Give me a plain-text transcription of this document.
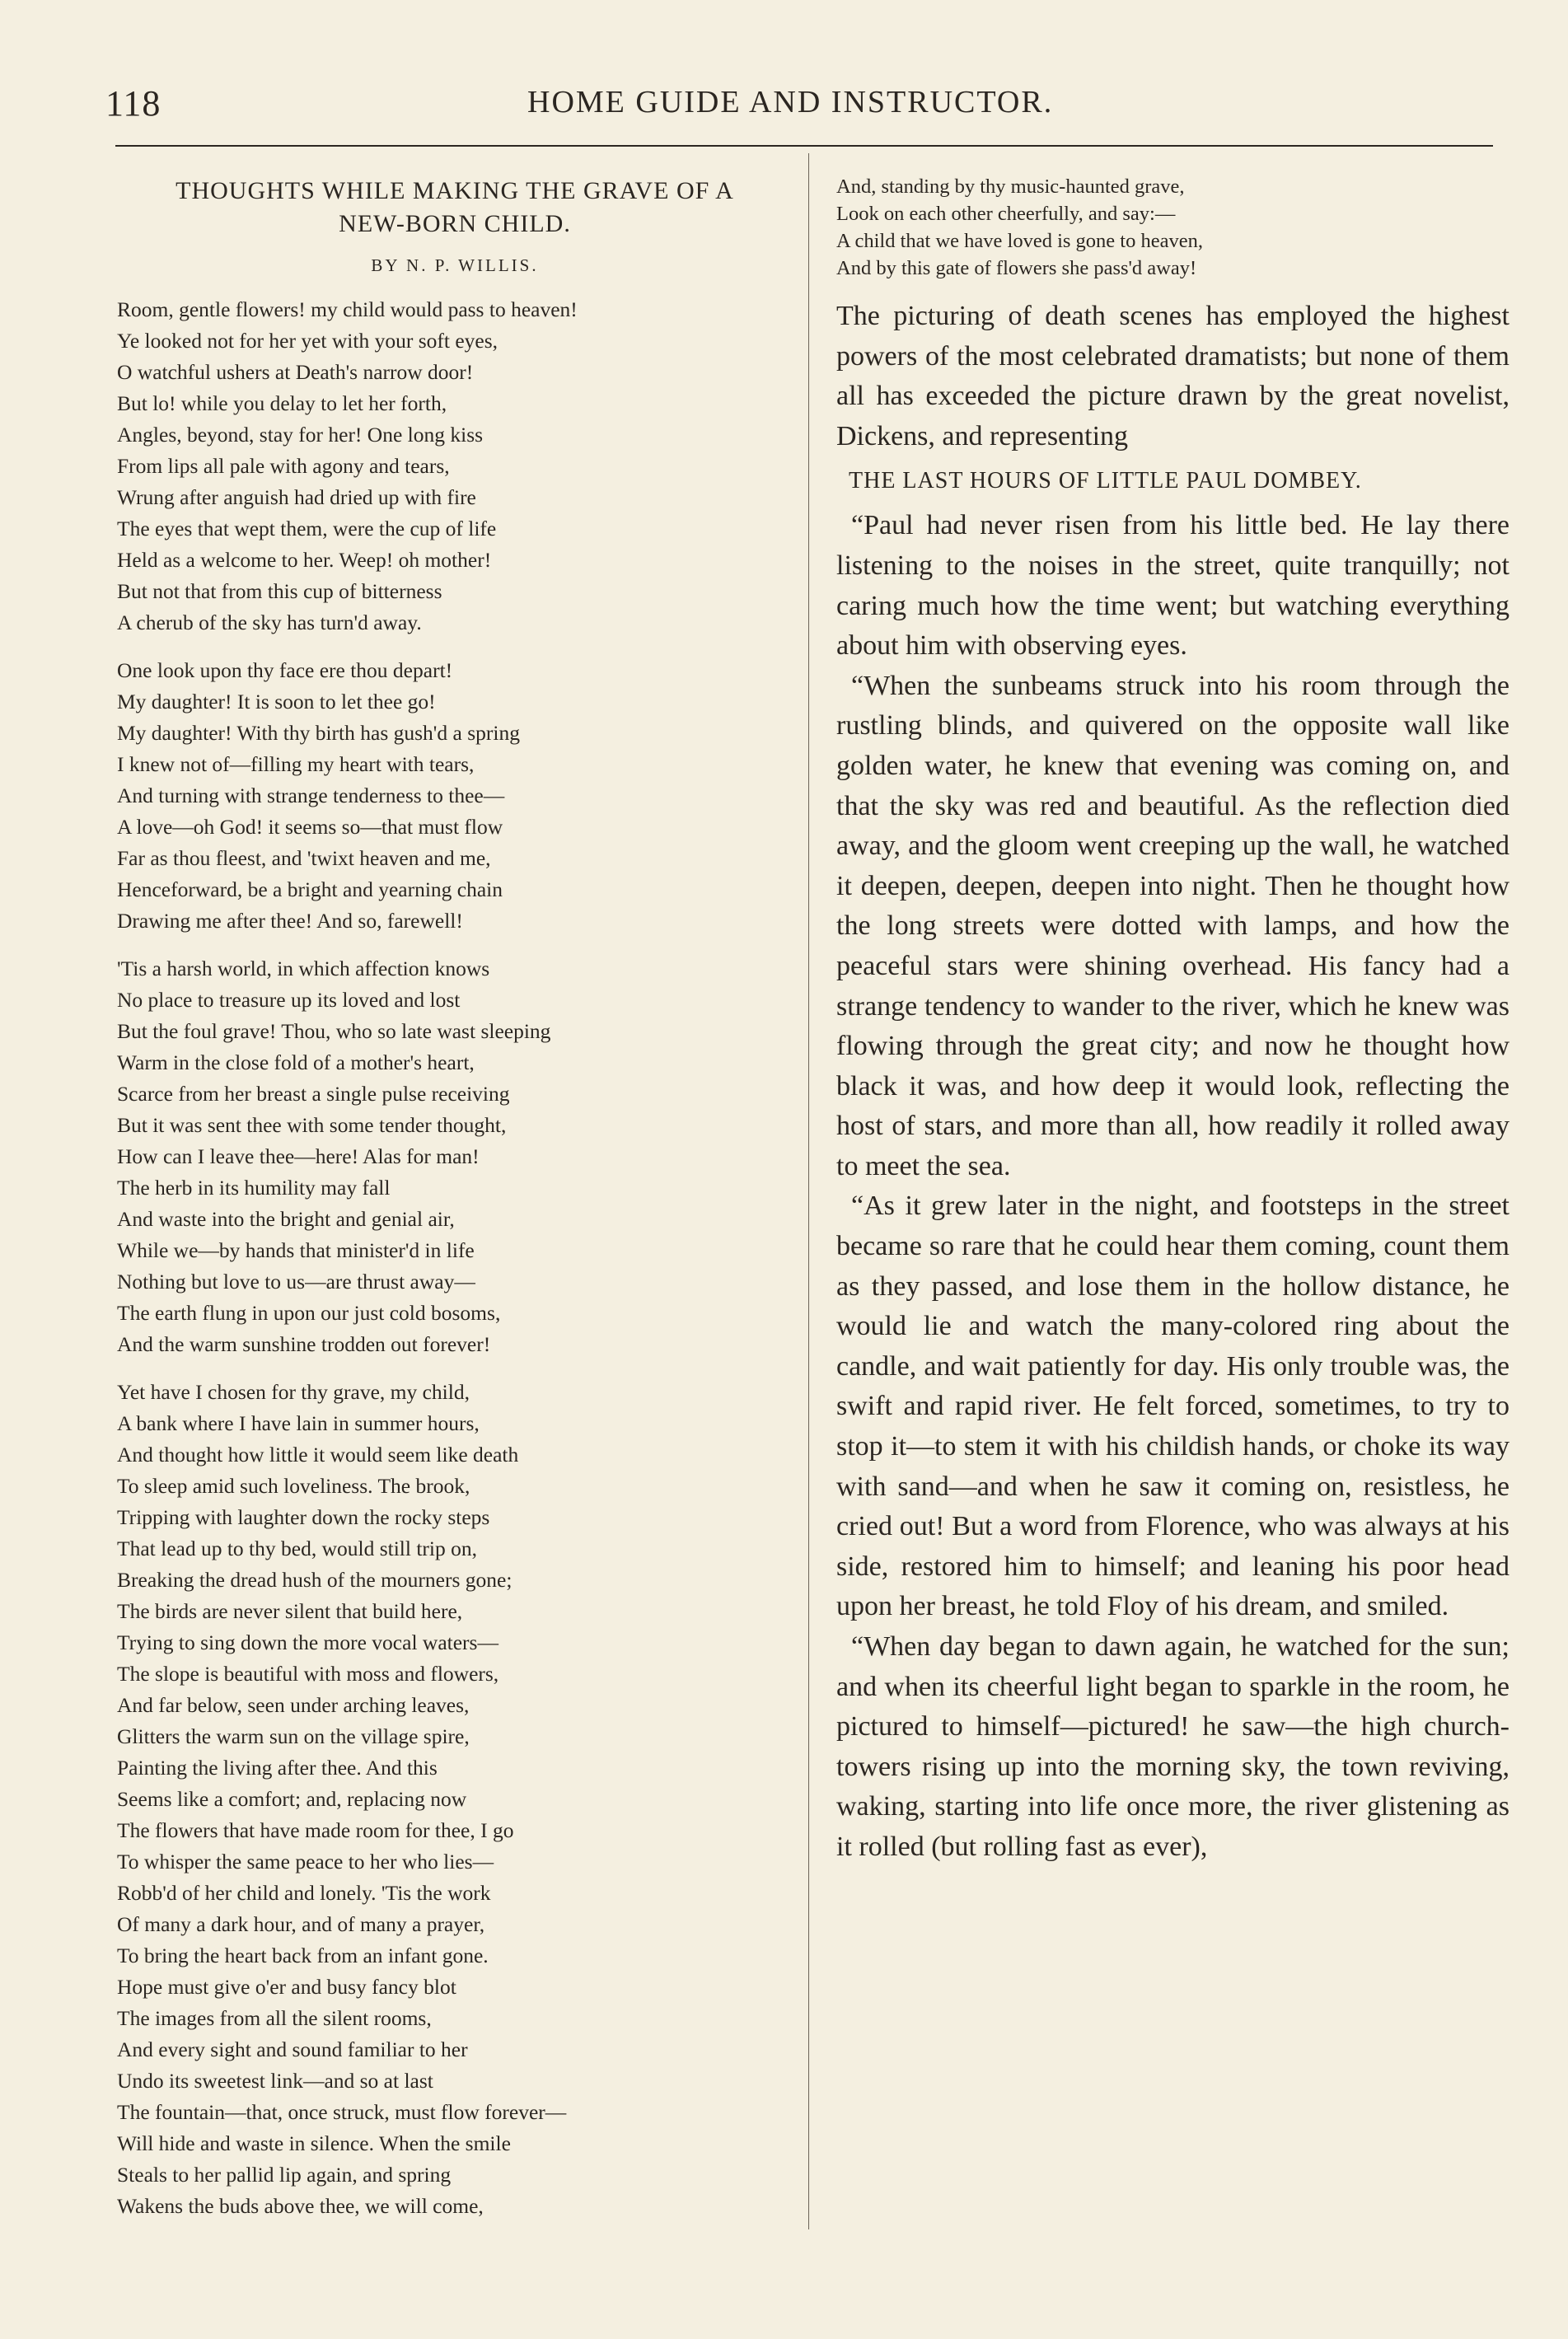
118	HOME GUIDE AND INSTRUCTOR.
THOUGHTS WHILE MAKING THE GRAVE OF A
NEW-BORN CHILD.
BY N. P. WILLIS.
Room, gentle flowers! my child would pass to heaven!
Ye looked not for her yet with your soft eyes,
O watchful ushers at Death's narrow door!
But lo! while you delay to let her forth,
Angles, beyond, stay for her! One long kiss
From lips all pale with agony and tears,
Wrung after anguish had dried up with fire
The eyes that wept them, were the cup of life
Held as a welcome to her. Weep! oh mother!
But not that from this cup of bitterness
A cherub of the sky has turn'd away.
One look upon thy face ere thou depart!
My daughter! It is soon to let thee go!
My daughter! With thy birth has gush'd a spring
I knew not of—filling my heart with tears,
And turning with strange tenderness to thee—
A love—oh God! it seems so—that must flow
Far as thou fleest, and 'twixt heaven and me,
Henceforward, be a bright and yearning chain
Drawing me after thee! And so, farewell!
'Tis a harsh world, in which affection knows
No place to treasure up its loved and lost
But the foul grave! Thou, who so late wast sleeping
Warm in the close fold of a mother's heart,
Scarce from her breast a single pulse receiving
But it was sent thee with some tender thought,
How can I leave thee—here! Alas for man!
The herb in its humility may fall
And waste into the bright and genial air,
While we—by hands that minister'd in life
Nothing but love to us—are thrust away—
The earth flung in upon our just cold bosoms,
And the warm sunshine trodden out forever!
Yet have I chosen for thy grave, my child,
A bank where I have lain in summer hours,
And thought how little it would seem like death
To sleep amid such loveliness. The brook,
Tripping with laughter down the rocky steps
That lead up to thy bed, would still trip on,
Breaking the dread hush of the mourners gone;
The birds are never silent that build here,
Trying to sing down the more vocal waters—
The slope is beautiful with moss and flowers,
And far below, seen under arching leaves,
Glitters the warm sun on the village spire,
Painting the living after thee. And this
Seems like a comfort; and, replacing now
The flowers that have made room for thee, I go
To whisper the same peace to her who lies—
Robb'd of her child and lonely. 'Tis the work
Of many a dark hour, and of many a prayer,
To bring the heart back from an infant gone.
Hope must give o'er and busy fancy blot
The images from all the silent rooms,
And every sight and sound familiar to her
Undo its sweetest link—and so at last
The fountain—that, once struck, must flow forever—
Will hide and waste in silence. When the smile
Steals to her pallid lip again, and spring
Wakens the buds above thee, we will come,
And, standing by thy music-haunted grave,
Look on each other cheerfully, and say:—
A child that we have loved is gone to heaven,
And by this gate of flowers she pass'd away!

The picturing of death scenes has employed the highest powers of the most celebrated dramatists; but none of them all has exceeded the picture drawn by the great novelist, Dickens, and representing

THE LAST HOURS OF LITTLE PAUL DOMBEY.

“Paul had never risen from his little bed. He lay there listening to the noises in the street, quite tranquilly; not caring much how the time went; but watching everything about him with observing eyes.

“When the sunbeams struck into his room through the rustling blinds, and quivered on the opposite wall like golden water, he knew that evening was coming on, and that the sky was red and beautiful. As the reflection died away, and the gloom went creeping up the wall, he watched it deepen, deepen, deepen into night. Then he thought how the long streets were dotted with lamps, and how the peaceful stars were shining overhead. His fancy had a strange tendency to wander to the river, which he knew was flowing through the great city; and now he thought how black it was, and how deep it would look, reflecting the host of stars, and more than all, how readily it rolled away to meet the sea.

“As it grew later in the night, and footsteps in the street became so rare that he could hear them coming, count them as they passed, and lose them in the hollow distance, he would lie and watch the many-colored ring about the candle, and wait patiently for day. His only trouble was, the swift and rapid river. He felt forced, sometimes, to try to stop it—to stem it with his childish hands, or choke its way with sand—and when he saw it coming on, resistless, he cried out! But a word from Florence, who was always at his side, restored him to himself; and leaning his poor head upon her breast, he told Floy of his dream, and smiled.

“When day began to dawn again, he watched for the sun; and when its cheerful light began to sparkle in the room, he pictured to himself—pictured! he saw—the high church-towers rising up into the morning sky, the town reviving, waking, starting into life once more, the river glistening as it rolled (but rolling fast as ever),
